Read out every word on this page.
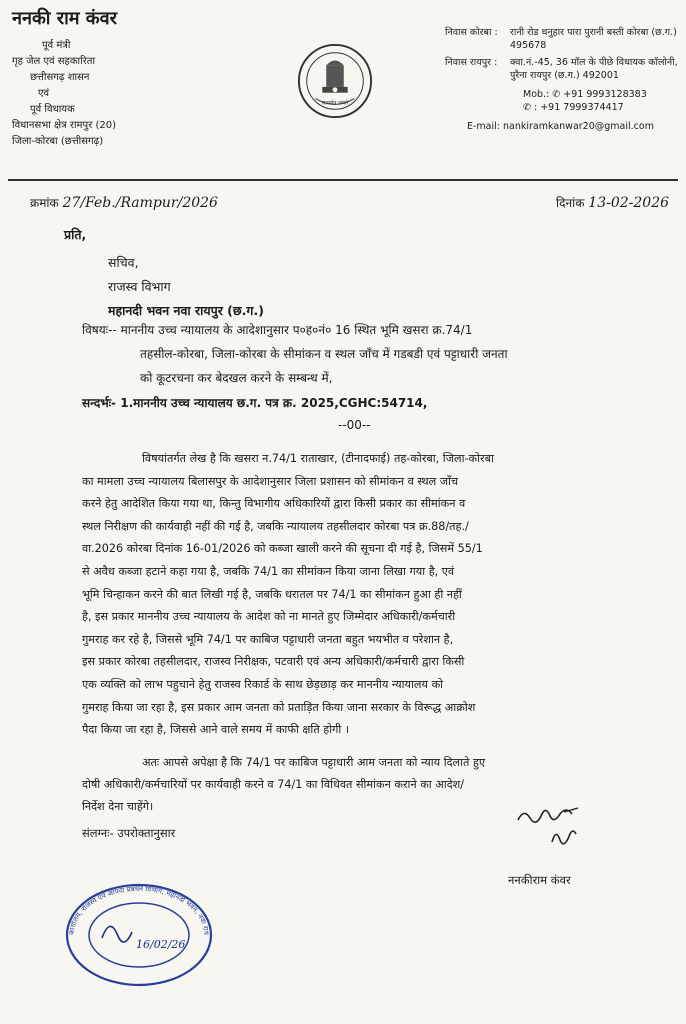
ननकी राम कंवर
पूर्व मंत्री
गृह जेल एवं सहकारिता
छत्तीसगढ़ शासन
एवं
पूर्व विधायक
विधानसभा क्षेत्र रामपुर (20)
जिला-कोरबा (छत्तीसगढ़)
सत्यमेव जयते
निवास कोरबा :	रानी रोड धनुहार पारा पुरानी बस्ती कोरबा (छ.ग.) 495678
निवास रायपुर :	क्वा.नं.-45, 36 मॉल के पीछे विधायक कॉलोनी, पुरैना रायपुर (छ.ग.) 492001
Mob.: ✆ +91 9993128383
✆ : +91 7999374417
E-mail: nankiramkanwar20@gmail.com
क्रमांक 27/Feb./Rampur/2026	दिनांक 13-02-2026
प्रति,
सचिव,
राजस्व विभाग
महानदी भवन नवा रायपुर (छ.ग.)
विषयः-- माननीय उच्च न्यायालय के आदेशानुसार प०ह०नं० 16 स्थित भूमि खसरा क्र.74/1
तहसील-कोरबा, जिला-कोरबा के सीमांकन व स्थल जाँच में गडबडी एवं पट्टाधारी जनता
को कूटरचना कर बेदखल करने के सम्बन्ध में,
सन्दर्भः- 1.माननीय उच्च न्यायालय छ.ग. पत्र क्र. 2025,CGHC:54714,
--00--

विषयांतर्गत लेख है कि खसरा न.74/1 राताखार, (टीनादफाई) तह-कोरबा, जिला-कोरबा

का मामला उच्च न्यायालय बिलासपुर के आदेशानुसार जिला प्रशासन को सीमांकन व स्थल जाँच

करने हेतु आदेशित किया गया था, किन्तु विभागीय अधिकारियों द्वारा किसी प्रकार का सीमांकन व

स्थल निरीक्षण की कार्यवाही नहीं की गई है, जबकि न्यायालय तहसीलदार कोरबा पत्र क्र.88/तह./

वा.2026 कोरबा दिनांक 16-01/2026 को कब्जा खाली करने की सूचना दी गई है, जिसमें 55/1

से अवैध कब्जा हटाने कहा गया है, जबकि 74/1 का सीमांकन किया जाना लिखा गया है, एवं

भूमि चिन्हाकन करने की बात लिखी गई है, जबकि धरातल पर 74/1 का सीमांकन हुआ ही नहीं

है, इस प्रकार माननीय उच्च न्यायालय के आदेश को ना मानते हुए जिम्मेदार अधिकारी/कर्मचारी

गुमराह कर रहे है, जिससे भूमि 74/1 पर काबिज पट्टाधारी जनता बहुत भयभीत व परेशान है,

इस प्रकार कोरबा तहसीलदार, राजस्व निरीक्षक, पटवारी एवं अन्य अधिकारी/कर्मचारी द्वारा किसी

एक व्यक्ति को लाभ पहुचाने हेतु राजस्व रिकार्ड के साथ छेड़छाड़ कर माननीय न्यायालय को

गुमराह किया जा रहा है, इस प्रकार आम जनता को प्रताड़ित किया जाना सरकार के विरूद्ध आक्रोश

पैदा किया जा रहा है, जिससे आने वाले समय में काफी क्षति होगी ।

अतः आपसे अपेक्षा है कि 74/1 पर काबिज पट्टाधारी आम जनता को न्याय दिलाते हुए
दोषी अधिकारी/कर्मचारियों पर कार्यवाही करने व 74/1 का विधिवत सीमांकन कराने का आदेश/
निर्देश देना चाहेंगे।
संलग्नः- उपरोक्तानुसार
ननकीराम कंवर
कार्यालय, राजस्व एवं आपदा प्रबंधन विभाग, महानदी भवन, नवा राय
16/02/26
